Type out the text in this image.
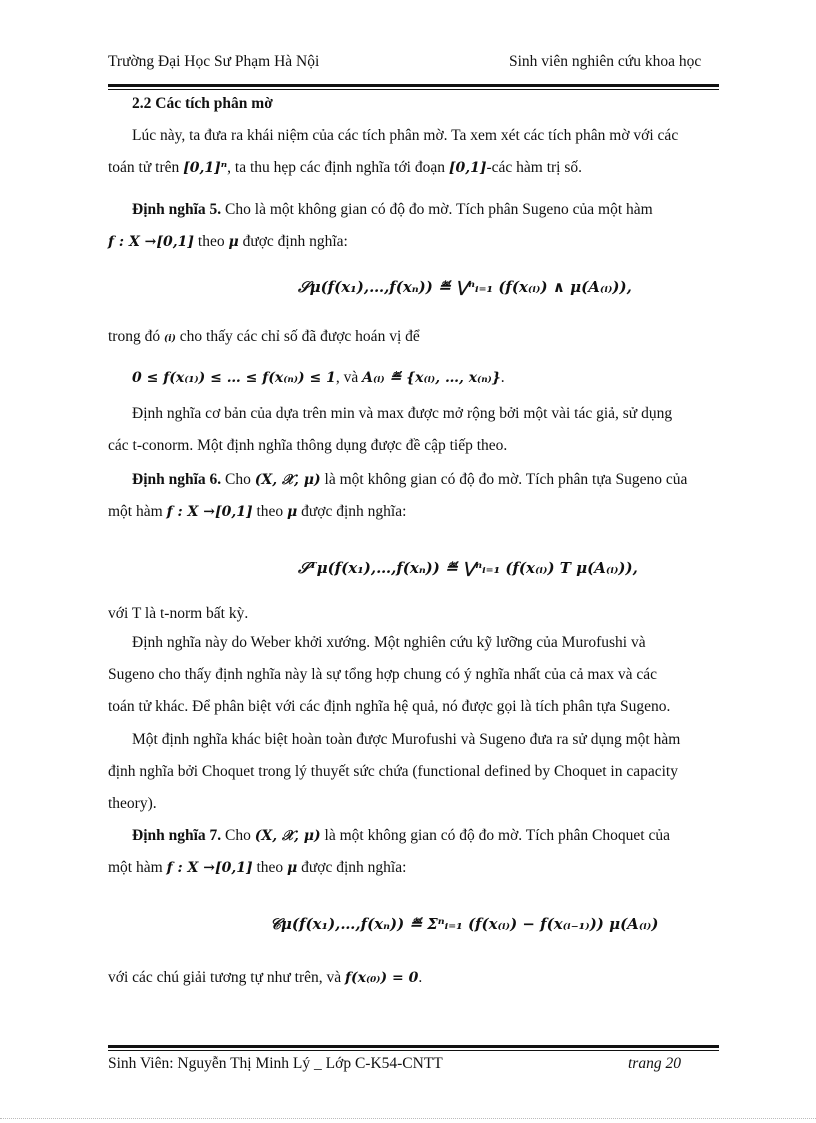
Trường Đại Học Sư Phạm Hà Nội	Sinh viên nghiên cứu khoa học
2.2 Các tích phân mờ
Lúc này, ta đưa ra khái niệm của các tích phân mờ. Ta xem xét các tích phân mờ với các
toán tử trên [0,1]ⁿ, ta thu hẹp các định nghĩa tới đoạn [0,1]-các hàm trị số.
Định nghĩa 5. Cho là một không gian có độ đo mờ. Tích phân Sugeno của một hàm
f : X →[0,1] theo μ được định nghĩa:
𝒮μ(f(x₁),…,f(xₙ)) ≝ ⋁ⁿᵢ₌₁ (f(x₍ᵢ₎) ∧ μ(A₍ᵢ₎)),
trong đó (i) cho thấy các chỉ số đã được hoán vị để
0 ≤ f(x₍₁₎) ≤ … ≤ f(x₍ₙ₎) ≤ 1, và A₍ᵢ₎ ≝ {x₍ᵢ₎, …, x₍ₙ₎}.
Định nghĩa cơ bản của dựa trên min và max được mở rộng bởi một vài tác giả, sử dụng
các t-conorm. Một định nghĩa thông dụng được đề cập tiếp theo.
Định nghĩa 6. Cho (X, 𝒳, μ) là một không gian có độ đo mờ. Tích phân tựa Sugeno của
một hàm f : X →[0,1] theo μ được định nghĩa:
𝒮ᵀμ(f(x₁),…,f(xₙ)) ≝ ⋁ⁿᵢ₌₁ (f(x₍ᵢ₎) T μ(A₍ᵢ₎)),
với T là t-norm bất kỳ.
Định nghĩa này do Weber khởi xướng. Một nghiên cứu kỹ lưỡng của Murofushi và
Sugeno cho thấy định nghĩa này là sự tổng hợp chung có ý nghĩa nhất của cả max và các
toán tử khác. Để phân biệt với các định nghĩa hệ quả, nó được gọi là tích phân tựa Sugeno.
Một định nghĩa khác biệt hoàn toàn được Murofushi và Sugeno đưa ra sử dụng một hàm
định nghĩa bởi Choquet trong lý thuyết sức chứa (functional defined by Choquet in capacity
theory).
Định nghĩa 7. Cho (X, 𝒳, μ) là một không gian có độ đo mờ. Tích phân Choquet của
một hàm f : X →[0,1] theo μ được định nghĩa:
𝒞μ(f(x₁),…,f(xₙ)) ≝ Σⁿᵢ₌₁ (f(x₍ᵢ₎) − f(x₍ᵢ₋₁₎)) μ(A₍ᵢ₎)
với các chú giải tương tự như trên, và f(x₍₀₎) = 0.
Sinh Viên: Nguyễn Thị Minh Lý _ Lớp C-K54-CNTT	trang 20
